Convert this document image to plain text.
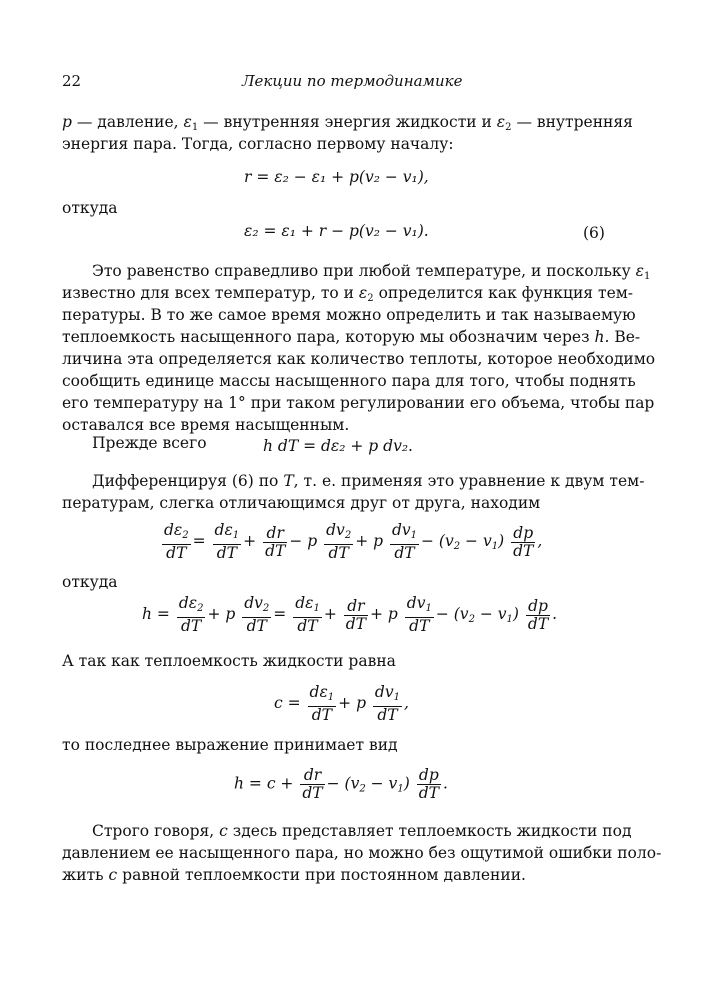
22	Лекции по термодинамике
p — давление, $\varepsilon_1$ — внутренняя энергия жидкости и $\varepsilon_2$ — внутренняя
энергия пара. Тогда, согласно первому началу:
r = ε₂ − ε₁ + p(v₂ − v₁),
откуда
ε₂ = ε₁ + r − p(v₂ − v₁).	(6)
Это равенство справедливо при любой температуре, и поскольку $\varepsilon_1$
известно для всех температур, то и $\varepsilon_2$ определится как функция тем-
пературы. В то же самое время можно определить и так называемую
теплоемкость насыщенного пара, которую мы обозначим через h. Ве-
личина эта определяется как количество теплоты, которое необходимо
сообщить единице массы насыщенного пара для того, чтобы поднять
его температуру на 1° при таком регулировании его объема, чтобы пар
оставался все время насыщенным.
Прежде всего	h dT = dε₂ + p dv₂.
Дифференцируя (6) по T, т. е. применяя это уравнение к двум тем-
пературам, слегка отличающимся друг от друга, находим
$\frac{d\varepsilon_2}{dT} = \frac{d\varepsilon_1}{dT} + \frac{dr}{dT} - p \frac{dv_2}{dT} + p \frac{dv_1}{dT} - (v_2 - v_1) \frac{dp}{dT}$ ,
откуда
$h = \frac{d\varepsilon_2}{dT} + p \frac{dv_2}{dT} = \frac{d\varepsilon_1}{dT} + \frac{dr}{dT} + p \frac{dv_1}{dT} - (v_2 - v_1) \frac{dp}{dT}$ .
А так как теплоемкость жидкости равна
$c = \frac{d\varepsilon_1}{dT} + p \frac{dv_1}{dT}$ ,
то последнее выражение принимает вид
$h = c + \frac{dr}{dT} - (v_2 - v_1) \frac{dp}{dT}$ .
Строго говоря, c здесь представляет теплоемкость жидкости под
давлением ее насыщенного пара, но можно без ощутимой ошибки поло-
жить c равной теплоемкости при постоянном давлении.
